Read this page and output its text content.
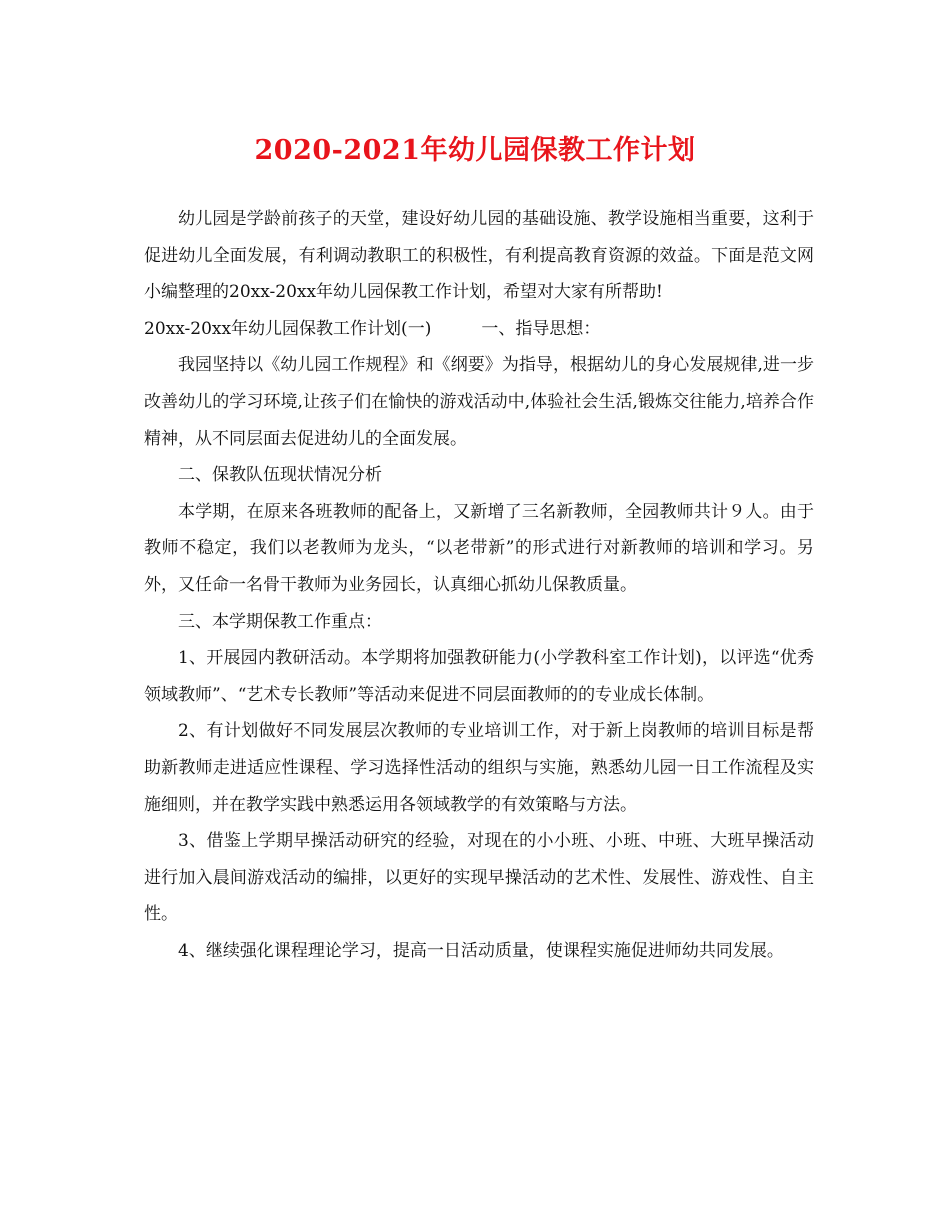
2020-2021年幼儿园保教工作计划

幼儿园是学龄前孩子的天堂，建设好幼儿园的基础设施、教学设施相当重要，这利于促进幼儿全面发展，有利调动教职工的积极性，有利提高教育资源的效益。下面是范文网小编整理的20xx-20xx年幼儿园保教工作计划，希望对大家有所帮助!

20xx-20xx年幼儿园保教工作计划(一)	一、指导思想：

我园坚持以《幼儿园工作规程》和《纲要》为指导，根据幼儿的身心发展规律,进一步改善幼儿的学习环境,让孩子们在愉快的游戏活动中,体验社会生活,锻炼交往能力,培养合作精神，从不同层面去促进幼儿的全面发展。

二、保教队伍现状情况分析

本学期，在原来各班教师的配备上，又新增了三名新教师，全园教师共计９人。由于教师不稳定，我们以老教师为龙头，“以老带新”的形式进行对新教师的培训和学习。另外，又任命一名骨干教师为业务园长，认真细心抓幼儿保教质量。

三、本学期保教工作重点：

1、开展园内教研活动。本学期将加强教研能力(小学教科室工作计划)，以评选“优秀领域教师”、“艺术专长教师”等活动来促进不同层面教师的的专业成长体制。

2、有计划做好不同发展层次教师的专业培训工作，对于新上岗教师的培训目标是帮助新教师走进适应性课程、学习选择性活动的组织与实施，熟悉幼儿园一日工作流程及实施细则，并在教学实践中熟悉运用各领域教学的有效策略与方法。

3、借鉴上学期早操活动研究的经验，对现在的小小班、小班、中班、大班早操活动进行加入晨间游戏活动的编排，以更好的实现早操活动的艺术性、发展性、游戏性、自主性。

4、继续强化课程理论学习，提高一日活动质量，使课程实施促进师幼共同发展。
